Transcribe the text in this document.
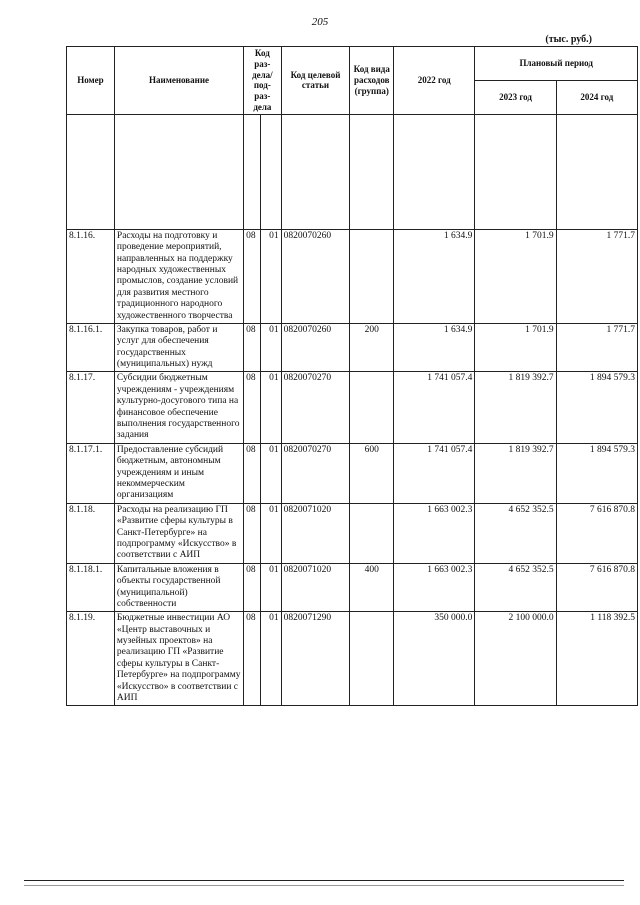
205
(тыс. руб.)
Номер	Наименование	Код раз-дела/ под-раз-дела		Код целевой статьи	Код вида расходов (группа)	2022 год	Плановый период	
							2023 год	2024 год

8.1.16.	Расходы на подготовку и проведение мероприятий, направленных на поддержку народных художественных промыслов, создание условий для развития местного традиционного народного художественного творчества	08	01	0820070260		1 634.9	1 701.9	1 771.7
8.1.16.1.	Закупка товаров, работ и услуг для обеспечения государственных (муниципальных) нужд	08	01	0820070260	200	1 634.9	1 701.9	1 771.7
8.1.17.	Субсидии бюджетным учреждениям - учреждениям культурно-досугового типа на финансовое обеспечение выполнения государственного задания	08	01	0820070270		1 741 057.4	1 819 392.7	1 894 579.3
8.1.17.1.	Предоставление субсидий бюджетным, автономным учреждениям и иным некоммерческим организациям	08	01	0820070270	600	1 741 057.4	1 819 392.7	1 894 579.3
8.1.18.	Расходы на реализацию ГП «Развитие сферы культуры в Санкт-Петербурге» на подпрограмму «Искусство» в соответствии с АИП	08	01	0820071020		1 663 002.3	4 652 352.5	7 616 870.8
8.1.18.1.	Капитальные вложения в объекты государственной (муниципальной) собственности	08	01	0820071020	400	1 663 002.3	4 652 352.5	7 616 870.8
8.1.19.	Бюджетные инвестиции АО «Центр выставочных и музейных проектов» на реализацию ГП «Развитие сферы культуры в Санкт-Петербурге» на подпрограмму «Искусство» в соответствии с АИП	08	01	0820071290		350 000.0	2 100 000.0	1 118 392.5
